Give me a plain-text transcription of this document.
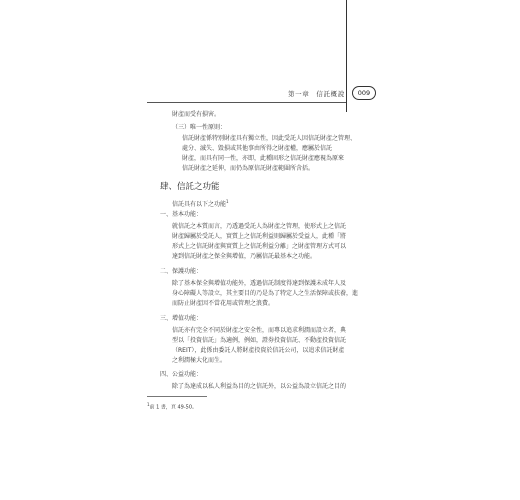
第一章　信託概說	009
財產而受有損害。
（三）唯一性原則：
信託財產係特別財產具有獨立性，因此受託人因信託財產之管理、
處分、滅失、毀損或其他事由所得之財產權，應屬於信託
財產，而具有同一性，亦即，此種固形之信託財產應視為原來
信託財產之延伸，而仍為原信託財產範圍所含括。
肆、信託之功能
信託具有以下之功能$^1$
一、基本功能：
就信託之本質而言，乃透過受託人為財產之管理，使形式上之信託
財產歸屬於受託人，實質上之信託利益則歸屬於受益人，此種「將
形式上之信託財產與實質上之信託利益分離」之財產管理方式可以
達到信託財產之保全與增值，乃屬信託最基本之功能。
二、保護功能：
除了基本保全與增值功能外，透過信託制度得達到保護未成年人及
身心障礙人等設立，其主要目的乃是為了特定人之生活保障或扶養，進
而防止財產因不當花用或管理之浪費。
三、增值功能：
信託亦有完全不同於財產之安全性，而專以追求利潤而設立者，典
型以「投資信託」為適例，例如，證券投資信託、不動產投資信託
（REIT），此係由委託人將財產投資於信託公司，以追求信託財產
之利潤極大化而生。
四、公益功能：
除了為達成以私人利益為目的之信託外，以公益為設立信託之目的
$^1$前 1 書，頁 49-50。
